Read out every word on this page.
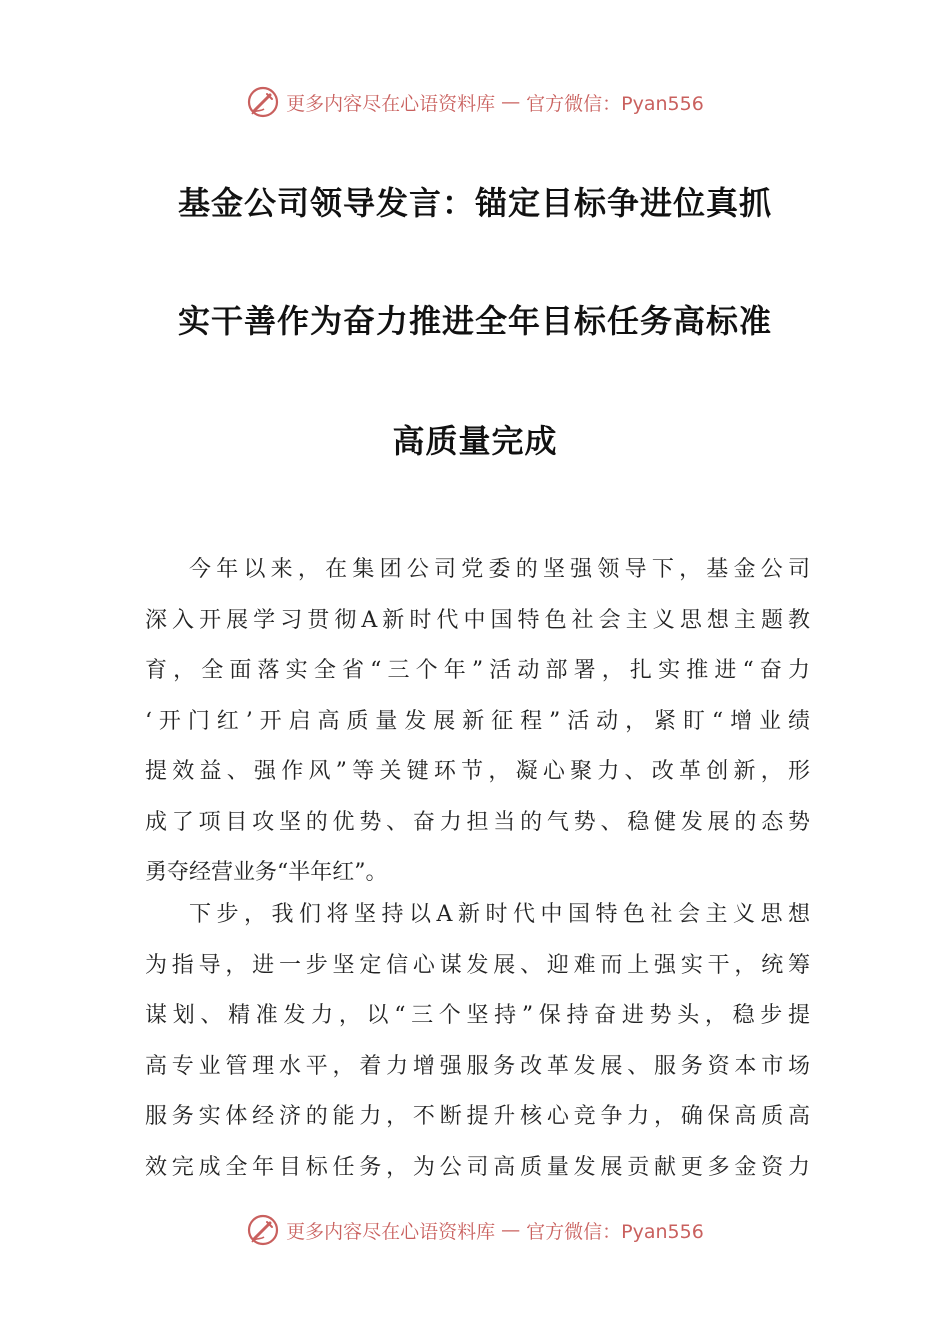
更多内容尽在心语资料库 — 官方微信：Pyan556
基金公司领导发言：锚定目标争进位真抓
实干善作为奋力推进全年目标任务高标准
高质量完成
今年以来，在集团公司党委的坚强领导下，基金公司
深入开展学习贯彻A新时代中国特色社会主义思想主题教
育，全面落实全省“三个年”活动部署，扎实推进“奋力
‘开门红’开启高质量发展新征程”活动，紧盯“增业绩
提效益、强作风”等关键环节，凝心聚力、改革创新，形
成了项目攻坚的优势、奋力担当的气势、稳健发展的态势
勇夺经营业务“半年红”。
下步，我们将坚持以A新时代中国特色社会主义思想
为指导，进一步坚定信心谋发展、迎难而上强实干，统筹
谋划、精准发力，以“三个坚持”保持奋进势头，稳步提
高专业管理水平，着力增强服务改革发展、服务资本市场
服务实体经济的能力，不断提升核心竞争力，确保高质高
效完成全年目标任务，为公司高质量发展贡献更多金资力
更多内容尽在心语资料库 — 官方微信：Pyan556
